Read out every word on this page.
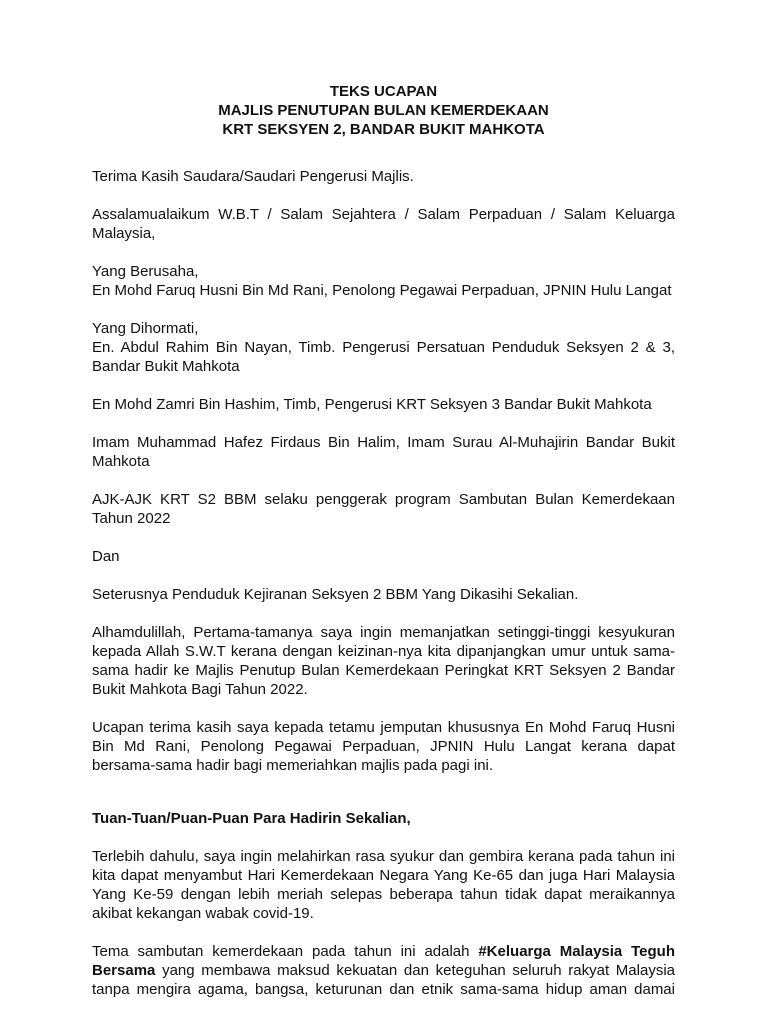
TEKS UCAPAN
MAJLIS PENUTUPAN BULAN KEMERDEKAAN
KRT SEKSYEN 2, BANDAR BUKIT MAHKOTA

Terima Kasih Saudara/Saudari Pengerusi Majlis.

Assalamualaikum W.B.T / Salam Sejahtera / Salam Perpaduan / Salam Keluarga Malaysia,

Yang Berusaha,
En Mohd Faruq Husni Bin Md Rani, Penolong Pegawai Perpaduan, JPNIN Hulu Langat

Yang Dihormati,
En. Abdul Rahim Bin Nayan, Timb. Pengerusi Persatuan Penduduk Seksyen 2 & 3, Bandar Bukit Mahkota

En Mohd Zamri Bin Hashim, Timb, Pengerusi KRT Seksyen 3 Bandar Bukit Mahkota

Imam Muhammad Hafez Firdaus Bin Halim, Imam Surau Al-Muhajirin Bandar Bukit Mahkota

AJK-AJK KRT S2 BBM selaku penggerak program Sambutan Bulan Kemerdekaan Tahun 2022

Dan

Seterusnya Penduduk Kejiranan Seksyen 2 BBM Yang Dikasihi Sekalian.

Alhamdulillah, Pertama-tamanya saya ingin memanjatkan setinggi-tinggi kesyukuran kepada Allah S.W.T kerana dengan keizinan-nya kita dipanjangkan umur untuk sama-sama hadir ke Majlis Penutup Bulan Kemerdekaan Peringkat KRT Seksyen 2 Bandar Bukit Mahkota Bagi Tahun 2022.

Ucapan terima kasih saya kepada tetamu jemputan khususnya En Mohd Faruq Husni Bin Md Rani, Penolong Pegawai Perpaduan, JPNIN Hulu Langat kerana dapat bersama-sama hadir bagi memeriahkan majlis pada pagi ini.

Tuan-Tuan/Puan-Puan Para Hadirin Sekalian,

Terlebih dahulu, saya ingin melahirkan rasa syukur dan gembira kerana pada tahun ini kita dapat menyambut Hari Kemerdekaan Negara Yang Ke-65 dan juga Hari Malaysia Yang Ke-59 dengan lebih meriah selepas beberapa tahun tidak dapat meraikannya akibat kekangan wabak covid-19.

Tema sambutan kemerdekaan pada tahun ini adalah #Keluarga Malaysia Teguh Bersama yang membawa maksud kekuatan dan keteguhan seluruh rakyat Malaysia tanpa mengira agama, bangsa, keturunan dan etnik sama-sama hidup aman damai
